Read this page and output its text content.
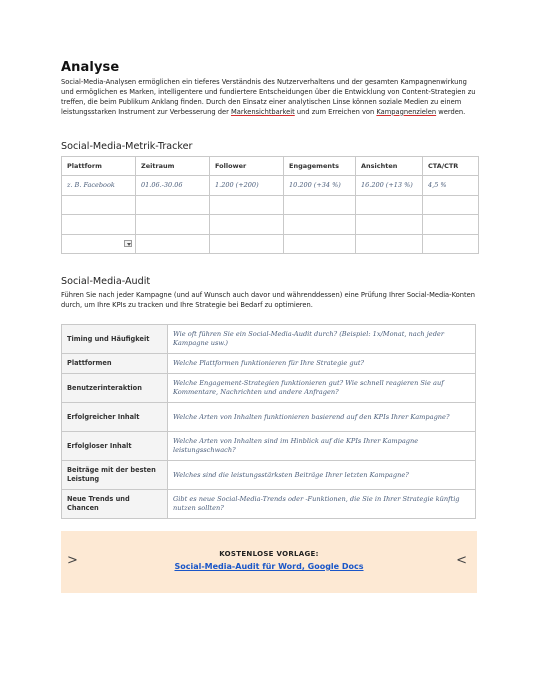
Analyse

Social-Media-Analysen ermöglichen ein tieferes Verständnis des Nutzerverhaltens und der gesamten Kampagnenwirkung und ermöglichen es Marken, intelligentere und fundiertere Entscheidungen über die Entwicklung von Content-Strategien zu treffen, die beim Publikum Anklang finden. Durch den Einsatz einer analytischen Linse können soziale Medien zu einem leistungsstarken Instrument zur Verbesserung der Markensichtbarkeit und zum Erreichen von Kampagnenzielen werden.

Social-Media-Metrik-Tracker
Plattform	Zeitraum	Follower	Engagements	Ansichten	CTA/CTR
z. B. Facebook	01.06.-30.06	1.200 (+200)	10.200 (+34 %)	16.200 (+13 %)	4,5 %

Social-Media-Audit

Führen Sie nach jeder Kampagne (und auf Wunsch auch davor und währenddessen) eine Prüfung Ihrer Social-Media-Konten durch, um Ihre KPIs zu tracken und Ihre Strategie bei Bedarf zu optimieren.

Timing und Häufigkeit	Wie oft führen Sie ein Social-Media-Audit durch? (Beispiel: 1x/Monat, nach jeder Kampagne usw.)
Plattformen	Welche Plattformen funktionieren für Ihre Strategie gut?
Benutzerinteraktion	Welche Engagement-Strategien funktionieren gut? Wie schnell reagieren Sie auf Kommentare, Nachrichten und andere Anfragen?
Erfolgreicher Inhalt	Welche Arten von Inhalten funktionieren basierend auf den KPIs Ihrer Kampagne?
Erfolgloser Inhalt	Welche Arten von Inhalten sind im Hinblick auf die KPIs Ihrer Kampagne leistungsschwach?
Beiträge mit der besten Leistung	Welches sind die leistungsstärksten Beiträge Ihrer letzten Kampagne?
Neue Trends und Chancen	Gibt es neue Social-Media-Trends oder -Funktionen, die Sie in Ihrer Strategie künftig nutzen sollten?
>	KOSTENLOSE VORLAGE:
Social-Media-Audit für Word, Google Docs	<
